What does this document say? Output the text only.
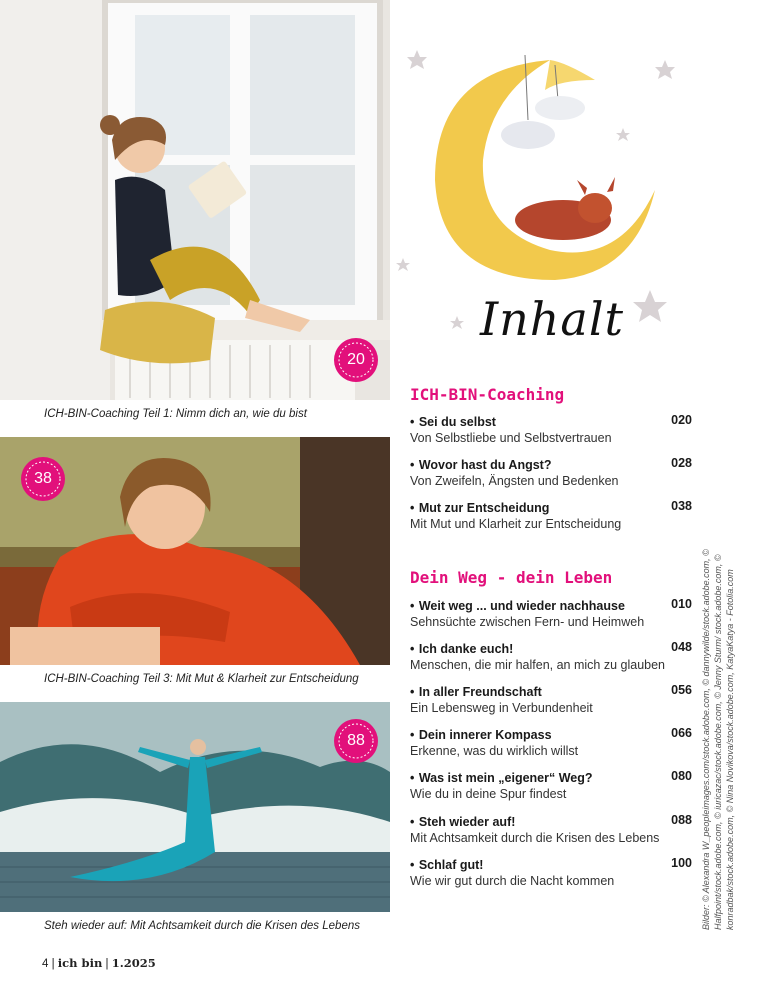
20
ICH-BIN-Coaching Teil 1: Nimm dich an, wie du bist
38
ICH-BIN-Coaching Teil 3: Mit Mut & Klarheit zur Entscheidung
88
Steh wieder auf: Mit Achtsamkeit durch die Krisen des Lebens
Inhalt
ICH-BIN-Coaching
• Sei du selbst	020
Von Selbstliebe und Selbstvertrauen
• Wovor hast du Angst?	028
Von Zweifeln, Ängsten und Bedenken
• Mut zur Entscheidung	038
Mit Mut und Klarheit zur Entscheidung
Dein Weg - dein Leben
• Weit weg ... und wieder nachhause	010
Sehnsüchte zwischen Fern- und Heimweh
• Ich danke euch!	048
Menschen, die mir halfen, an mich zu glauben
• In aller Freundschaft	056
Ein Lebensweg in Verbundenheit
• Dein innerer Kompass	066
Erkenne, was du wirklich willst
• Was ist mein „eigener“ Weg?	080
Wie du in deine Spur findest
• Steh wieder auf!	088
Mit Achtsamkeit durch die Krisen des Lebens
• Schlaf gut!	100
Wie wir gut durch die Nacht kommen
4 | ich bin | 1.2025
Bilder: © Alexandra W_peopleimages.com/stock.adobe.com, © dannywilde/stock.adobe.com, © Halfpoint/stock.adobe.com, © iuricazac/stock.adobe.com, © Jenny Sturm/ stock.adobe.com, © konradbak/stock.adobe.com, © Nina Novikova/stock.adobe.com, KatyaKatya - Fotolia.com
